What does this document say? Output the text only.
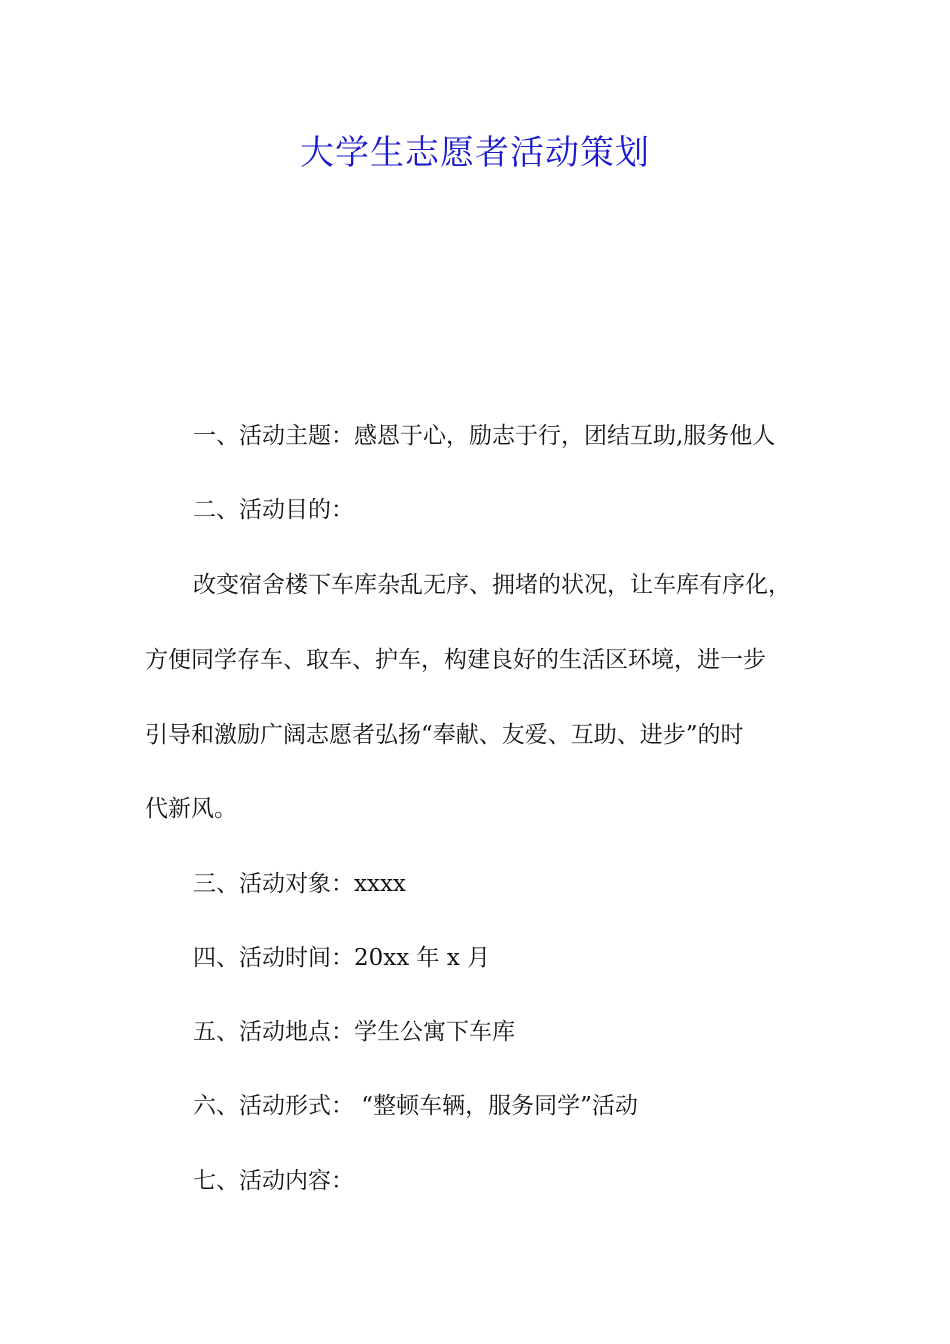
大学生志愿者活动策划

一、活动主题：感恩于心，励志于行，团结互助,服务他人

二、活动目的：

改变宿舍楼下车库杂乱无序、拥堵的状况，让车库有序化，

方便同学存车、取车、护车，构建良好的生活区环境，进一步

引导和激励广阔志愿者弘扬“奉献、友爱、互助、进步”的时

代新风。

三、活动对象：xxxx

四、活动时间：20xx 年 x 月

五、活动地点：学生公寓下车库

六、活动形式： “整顿车辆，服务同学”活动

七、活动内容：
